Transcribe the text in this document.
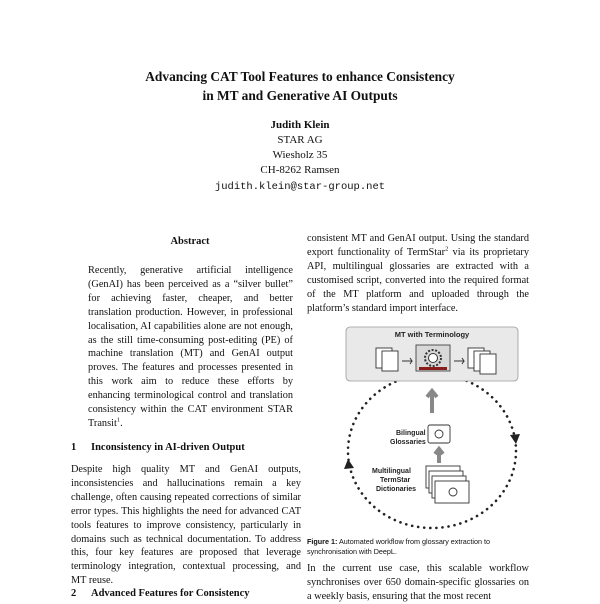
Advancing CAT Tool Features to enhance Consistency
in MT and Generative AI Outputs
Judith Klein
STAR AG
Wiesholz 35
CH-8262 Ramsen
judith.klein@star-group.net
Abstract

Recently, generative artificial intelligence (GenAI) has been perceived as a “silver bullet” for achieving faster, cheaper, and better translation production. However, in professional localisation, AI capabilities alone are not enough, as the still time-consuming post-editing (PE) of machine translation (MT) and GenAI output proves. The features and processes presented in this work aim to reduce these efforts by enhancing terminological control and translation consistency within the CAT environment STAR Transit$^1$.

1 Inconsistency in AI-driven Output
Despite high quality MT and GenAI outputs, inconsistencies and hallucinations remain a key challenge, often causing repeated corrections of similar error types. This highlights the need for advanced CAT tools features to improve consistency, particularly in domains such as technical documentation. To address this, four key features are proposed that leverage terminology integration, contextual processing, and MT reuse.
2 Advanced Features for Consistency
consistent MT and GenAI output. Using the standard export functionality of TermStar$^2$ via its proprietary API, multilingual glossaries are extracted with a customised script, converted into the required format of the MT platform and uploaded through the platform’s standard import interface.
MT with Terminology
Bilingual
Glossaries
Multilingual
TermStar
Dictionaries
Figure 1: Automated workflow from glossary extraction to synchronisation with DeepL.
In the current use case, this scalable workflow synchronises over 650 domain-specific glossaries on a weekly basis, ensuring that the most recent
